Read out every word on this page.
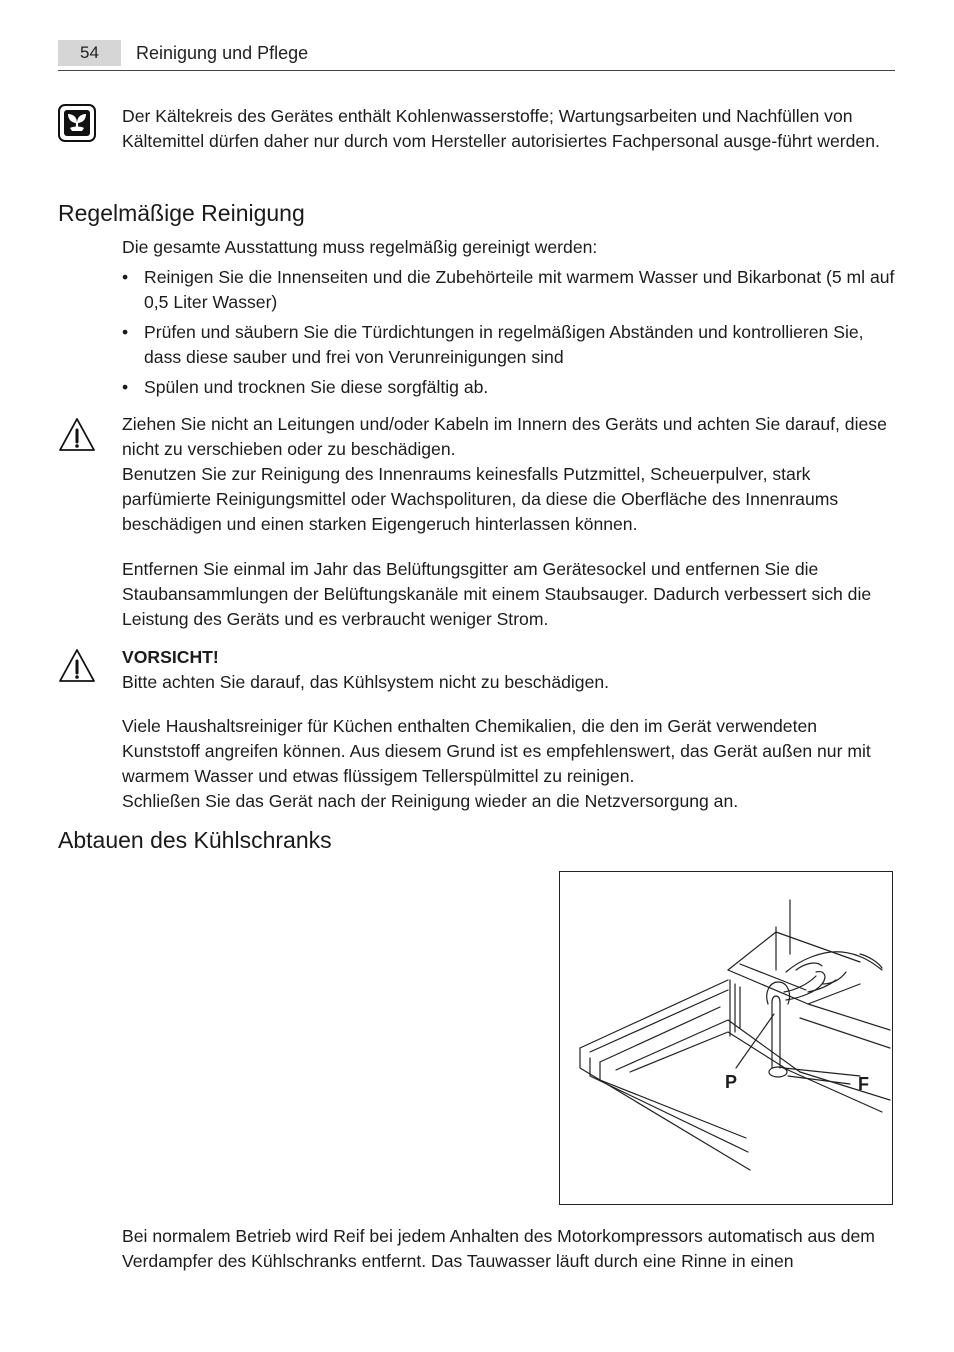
54	Reinigung und Pflege
Der Kältekreis des Gerätes enthält Kohlenwasserstoffe; Wartungsarbeiten und Nachfüllen von Kältemittel dürfen daher nur durch vom Hersteller autorisiertes Fachpersonal ausge-führt werden.
Regelmäßige Reinigung
Die gesamte Ausstattung muss regelmäßig gereinigt werden:
• Reinigen Sie die Innenseiten und die Zubehörteile mit warmem Wasser und Bikarbonat (5 ml auf 0,5 Liter Wasser)
• Prüfen und säubern Sie die Türdichtungen in regelmäßigen Abständen und kontrollieren Sie, dass diese sauber und frei von Verunreinigungen sind
• Spülen und trocknen Sie diese sorgfältig ab.
Ziehen Sie nicht an Leitungen und/oder Kabeln im Innern des Geräts und achten Sie darauf, diese nicht zu verschieben oder zu beschädigen.
Benutzen Sie zur Reinigung des Innenraums keinesfalls Putzmittel, Scheuerpulver, stark parfümierte Reinigungsmittel oder Wachspolituren, da diese die Oberfläche des Innenraums beschädigen und einen starken Eigengeruch hinterlassen können.
Entfernen Sie einmal im Jahr das Belüftungsgitter am Gerätesockel und entfernen Sie die Staubansammlungen der Belüftungskanäle mit einem Staubsauger. Dadurch verbessert sich die Leistung des Geräts und es verbraucht weniger Strom.
VORSICHT!
Bitte achten Sie darauf, das Kühlsystem nicht zu beschädigen.
Viele Haushaltsreiniger für Küchen enthalten Chemikalien, die den im Gerät verwendeten Kunststoff angreifen können. Aus diesem Grund ist es empfehlenswert, das Gerät außen nur mit warmem Wasser und etwas flüssigem Tellerspülmittel zu reinigen.
Schließen Sie das Gerät nach der Reinigung wieder an die Netzversorgung an.
Abtauen des Kühlschranks
P	F
Bei normalem Betrieb wird Reif bei jedem Anhalten des Motorkompressors automatisch aus dem Verdampfer des Kühlschranks entfernt. Das Tauwasser läuft durch eine Rinne in einen
